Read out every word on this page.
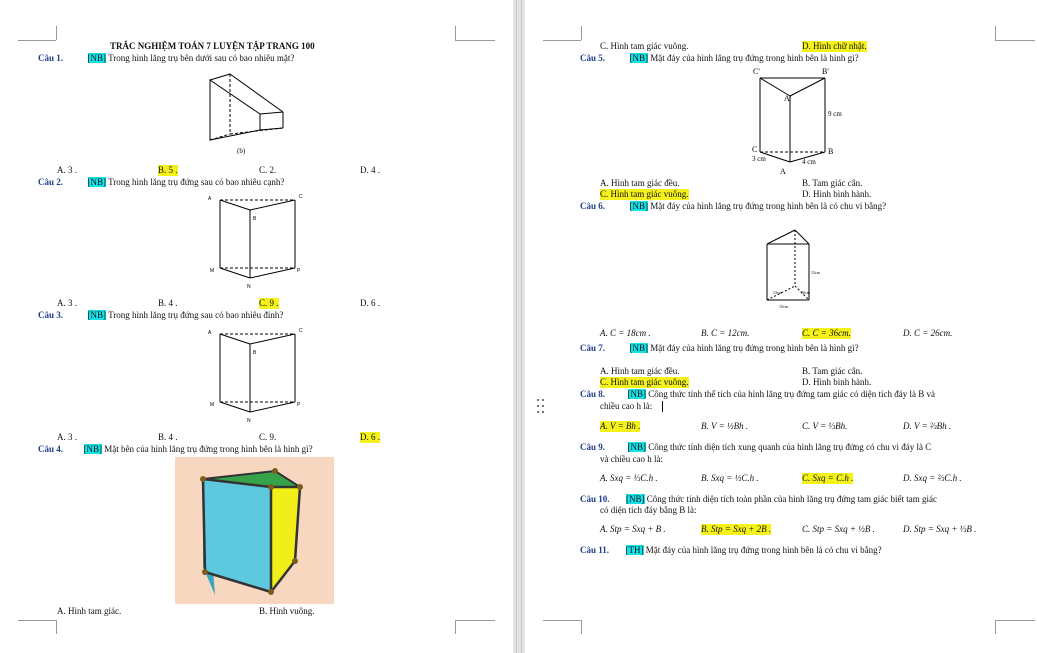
TRẮC NGHIỆM TOÁN 7 LUYỆN TẬP TRANG 100
Câu 1.	[NB] Trong hình lăng trụ bên dưới sau có bao nhiêu mặt?
(b)
A. 3 .	B. 5 .	C. 2.	D. 4 .
Câu 2.	[NB] Trong hình lăng trụ đứng sau có bao nhiêu cạnh?
A	C
B
M	P
N
A. 3 .	B. 4 .	C. 9 .	D. 6 .
Câu 3.	[NB] Trong hình lăng trụ đứng sau có bao nhiêu đỉnh?
A	C
B
M	P
N
A. 3 .	B. 4 .	C. 9.	D. 6 .
Câu 4. [NB] Mặt bên của hình lăng trụ đứng trong hình bên là hình gì?
A. Hình tam giác.	B. Hình vuông.
C. Hình tam giác vuông.	D. Hình chữ nhật.
Câu 5.	[NB] Mặt đáy của hình lăng trụ đứng trong hình bên là hình gì?
C'	B'
A'
9 cm
C	B
3 cm	4 cm
A
A. Hình tam giác đều.	B. Tam giác cân.
C. Hình tam giác vuông.	D. Hình bình hành.
Câu 6.	[NB] Mặt đáy của hình lăng trụ đứng trong hình bên là có chu vi bằng?
12cm
13cm	20cm
15cm
A. C = 18cm .	B. C = 12cm.	C. C = 36cm.	D. C = 26cm.
Câu 7.	[NB] Mặt đáy của hình lăng trụ đứng trong hình bên là hình gì?
A. Hình tam giác đều.	B. Tam giác cân.
C. Hình tam giác vuông.	D. Hình bình hành.
Câu 8.	[NB] Công thức tính thể tích của hình lăng trụ đứng tam giác có diện tích đáy là B và
chiều cao h là:
A. V = Bh .	B. V = ½Bh .	C. V = ⅓Bh.	D. V = ⅔Bh .
Câu 9.	[NB] Công thức tính diện tích xung quanh của hình lăng trụ đứng có chu vi đáy là C
và chiều cao h là:
A. Sxq = ⅓C.h .	B. Sxq = ½C.h .	C. Sxq = C.h .	D. Sxq = ⅔C.h .
Câu 10. [NB] Công thức tính diện tích toàn phần của hình lăng trụ đứng tam giác biết tam giác
có diện tích đáy bằng B là:
A. Stp = Sxq + B .	B. Stp = Sxq + 2B .	C. Stp = Sxq + ½B .	D. Stp = Sxq + ⅓B .
Câu 11. [TH] Mặt đáy của hình lăng trụ đứng trong hình bên là có chu vi bằng?
